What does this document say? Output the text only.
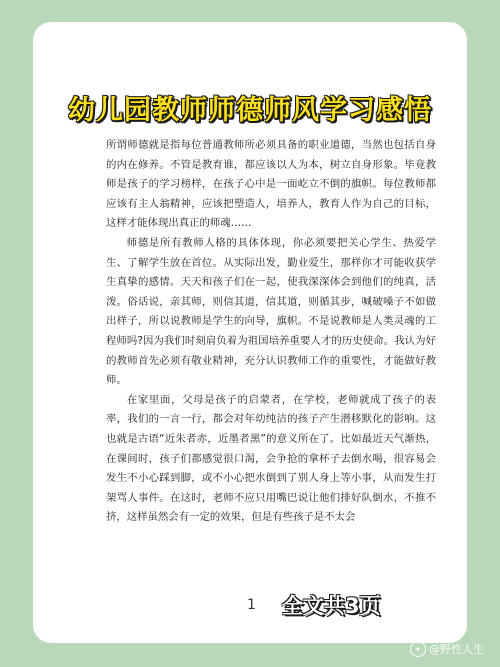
幼儿园教师师德师风学习感悟

所谓师德就是指每位普通教师所必须具备的职业道德，当然也包括自身的内在修养。不管是教育谁，都应该以人为本，树立自身形象。毕竟教师是孩子的学习榜样，在孩子心中是一面屹立不倒的旗帜。每位教师都应该有主人翁精神，应该把塑造人，培养人，教育人作为自己的目标，这样才能体现出真正的师魂……

师德是所有教师人格的具体体现，你必须要把关心学生、热爱学生、了解学生放在首位。从实际出发，勤业爱生，那样你才可能收获学生真挚的感情。天天和孩子们在一起，使我深深体会到他们的纯真，活泼。俗话说，亲其师，则信其道，信其道，则循其步，喊破嗓子不如做出样子，所以说教师是学生的向导，旗帜。不是说教师是人类灵魂的工程师吗?因为我们时刻肩负着为祖国培养重要人才的历史使命。我认为好的教师首先必须有敬业精神，充分认识教师工作的重要性，才能做好教师。

在家里面，父母是孩子的启蒙者，在学校，老师就成了孩子的表率，我们的一言一行，都会对年幼纯洁的孩子产生潜移默化的影响。这也就是古语“近朱者赤，近墨者黑”的意义所在了。比如最近天气渐热，在课间时，孩子们都感觉很口渴，会争抢的拿杯子去倒水喝，很容易会发生不小心踩到脚，或不小心把水倒到了别人身上等小事，从而发生打架骂人事件。在这时，老师不应只用嘴巴说让他们排好队倒水，不推不挤，这样虽然会有一定的效果，但是有些孩子是不太会

1 全文共3页
✦ @野性人生
